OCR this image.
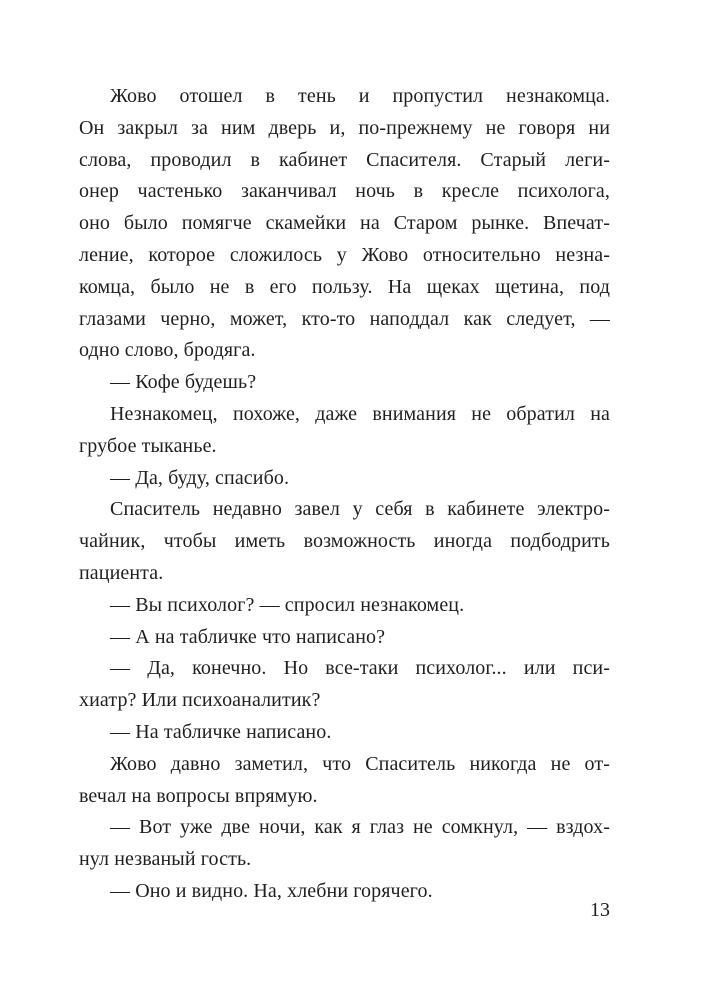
Жово отошел в тень и пропустил незнакомца.
Он закрыл за ним дверь и, по-прежнему не говоря ни
слова, проводил в кабинет Спасителя. Старый леги-
онер частенько заканчивал ночь в кресле психолога,
оно было помягче скамейки на Старом рынке. Впечат-
ление, которое сложилось у Жово относительно незна-
комца, было не в его пользу. На щеках щетина, под
глазами черно, может, кто-то наподдал как следует, —
одно слово, бродяга.
— Кофе будешь?
Незнакомец, похоже, даже внимания не обратил на
грубое тыканье.
— Да, буду, спасибо.
Спаситель недавно завел у себя в кабинете электро-
чайник, чтобы иметь возможность иногда подбодрить
пациента.
— Вы психолог? — спросил незнакомец.
— А на табличке что написано?
— Да, конечно. Но все-таки психолог... или пси-
хиатр? Или психоаналитик?
— На табличке написано.
Жово давно заметил, что Спаситель никогда не от-
вечал на вопросы впрямую.
— Вот уже две ночи, как я глаз не сомкнул, — вздох-
нул незваный гость.
— Оно и видно. На, хлебни горячего.
13
